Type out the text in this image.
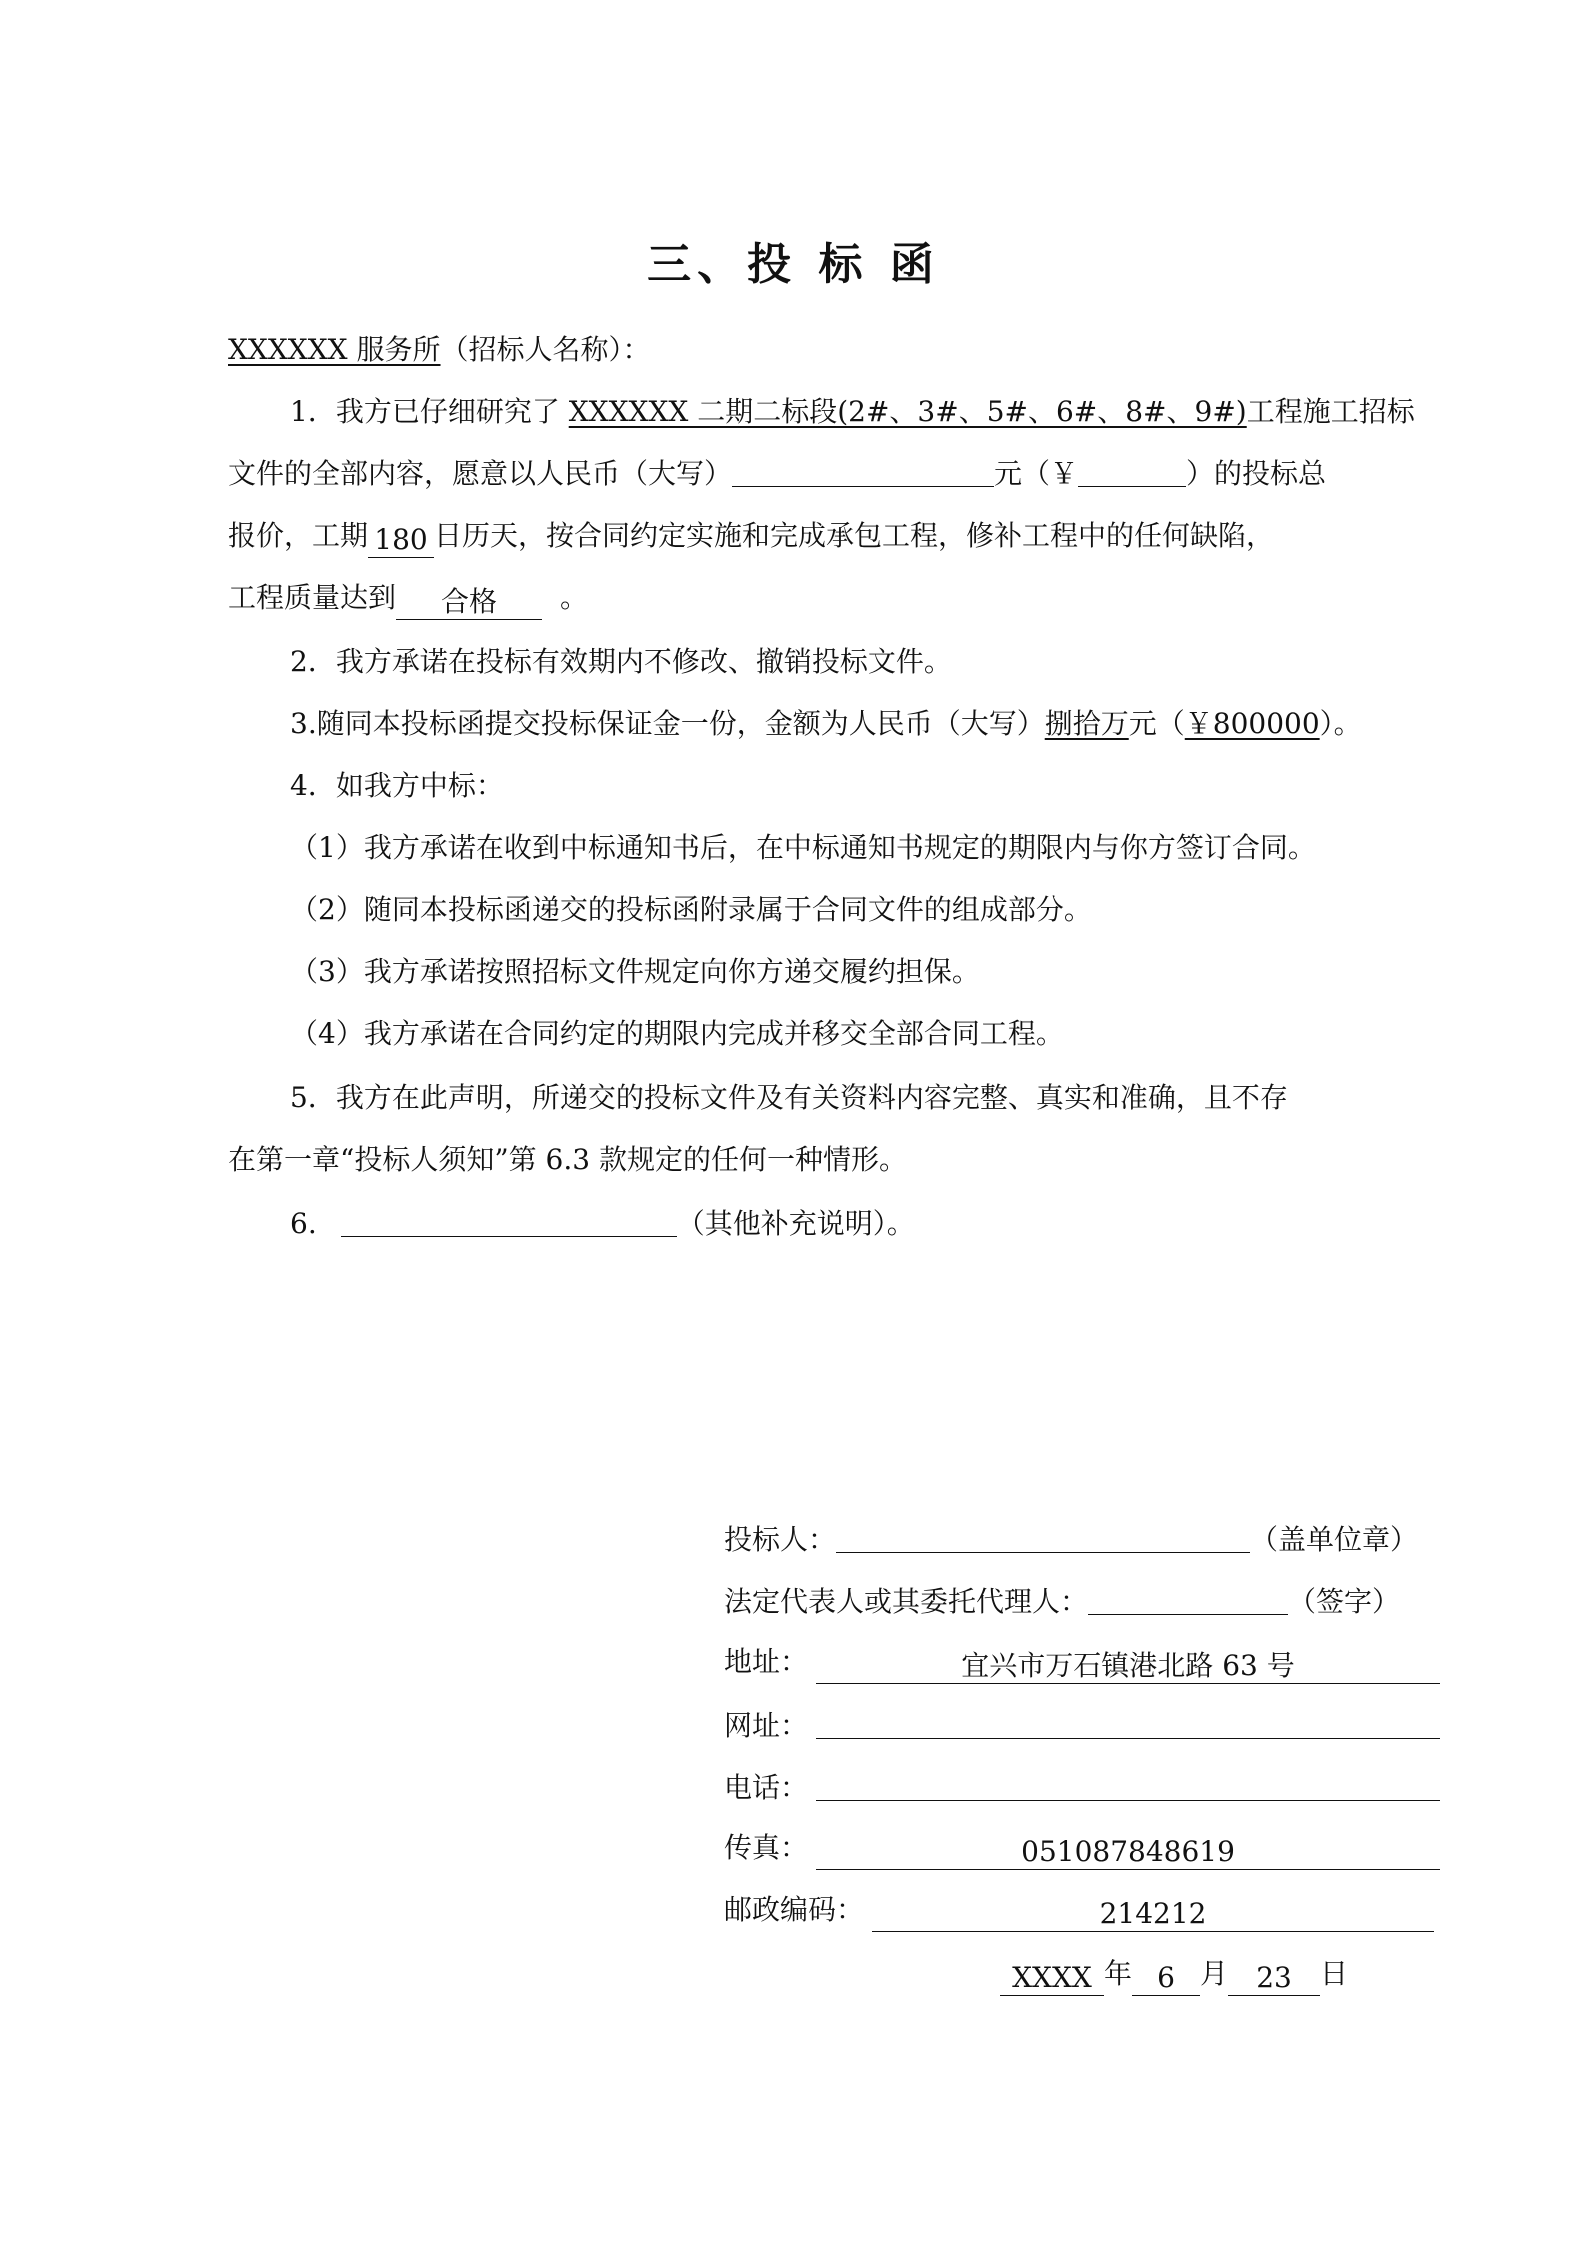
三、投 标 函
XXXXXX 服务所（招标人名称）：
1．我方已仔细研究了 XXXXXX 二期二标段(2#、3#、5#、6#、8#、9#)工程施工招标
文件的全部内容，愿意以人民币（大写）	元（￥	）的投标总
报价，工期 180 日历天，按合同约定实施和完成承包工程，修补工程中的任何缺陷，
工程质量达到 合格 。
2．我方承诺在投标有效期内不修改、撤销投标文件。
3.随同本投标函提交投标保证金一份，金额为人民币（大写）捌拾万元（￥800000）。
4．如我方中标：
（1）我方承诺在收到中标通知书后，在中标通知书规定的期限内与你方签订合同。
（2）随同本投标函递交的投标函附录属于合同文件的组成部分。
（3）我方承诺按照招标文件规定向你方递交履约担保。
（4）我方承诺在合同约定的期限内完成并移交全部合同工程。
5．我方在此声明，所递交的投标文件及有关资料内容完整、真实和准确，且不存
在第一章“投标人须知”第 6.3 款规定的任何一种情形。
6.	（其他补充说明）。
投标人：	（盖单位章）
法定代表人或其委托代理人：	（签字）
地址：	宜兴市万石镇港北路 63 号
网址：
电话：
传真：	051087848619
邮政编码：	214212
XXXX 年 6 月 23 日
